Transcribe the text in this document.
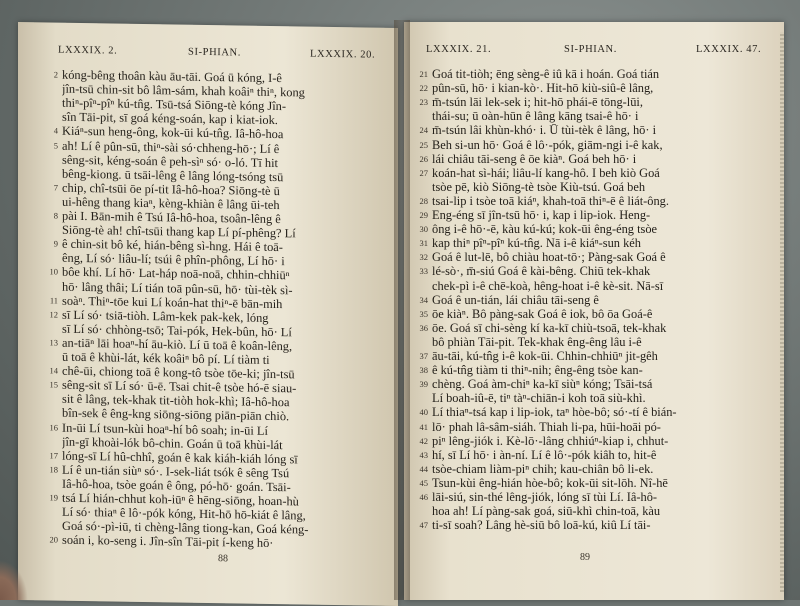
LXXXIX. 2.	SI-PHIAN.	LXXXIX. 20.
2 kóng-bêng thoân kàu āu-tāi. Goá ū kóng, I-ê
jîn-tsū chin-sit bô lâm-sám, khah koâiⁿ thiⁿ, kong
thiⁿ-pîⁿ-pîⁿ kú-tn̂g. Tsū-tsá Siōng-tè kóng Jîn-
sîn Tāi-pit, sī goá kéng-soán, kap i kiat-iok.
4 Kiáⁿ-sun heng-ông, kok-ūi kú-tn̂g. Iâ-hô-hoa
5 ah! Lí ê pûn-sū, thiⁿ-sài só·chheng-hō·; Lí ê
sêng-sit, kéng-soán ê peh-sìⁿ só· o-ló. Tī hit
bêng-kiong. ū tsāi-lêng ê lâng lóng-tsóng tsū
7 chip, chî-tsūi ōe pí-tit Iâ-hô-hoa? Siōng-tè ū
ui-hêng thang kiaⁿ, kèng-khiàn ê lâng ūi-teh
8 pài I. Bān-mih ê Tsú Iâ-hô-hoa, tsoân-lêng ê
Siōng-tè ah! chî-tsūi thang kap Lí pí-phêng? Lí
9 ê chin-sit bô ké, hián-bêng sì-hng. Hái ê toā-
êng, Lí só· liâu-lí; tsúi ê phîn-phông, Lí hō· i
10 bôe khí. Lí hō· Lat-háp noā-noā, chhin-chhiūⁿ
hō· lâng thâi; Lí tián toā pûn-sū, hō· tùi-tèk sì-
11 soàⁿ. Thiⁿ-tōe kui Lí koán-hat thiⁿ-ē bān-mih
12 sī Lí só· tsiā-tiòh. Lâm-kek pak-kek, lóng
sī Lí só· chhòng-tsō; Tai-pók, Hek-bûn, hō· Lí
13 an-tiāⁿ lāi hoaⁿ-hí āu-kiò. Lí ū toā ê koân-lêng,
ū toā ê khùi-lát, kék koâiⁿ bô pí. Lí tiàm ti
14 chê-ūi, chiong toā ê kong-tô tsòe tōe-ki; jîn-tsū
15 sêng-sit sī Lí só· ū-ē. Tsai chit-ê tsòe hó-ē siau-
sit ê lâng, tek-khak tit-tiòh hok-khì; Iâ-hô-hoa
bîn-sek ê êng-kng siōng-siōng piān-piān chiò.
16 In-ūi Lí tsun-kùi hoaⁿ-hí bô soah; in-ūi Lí
jîn-gī khoài-lók bô-chin. Goán ū toā khùi-lát
17 lóng-sī Lí hû-chhî, goán ê kak kiáh-kiáh lóng sī
18 Lí ê un-tián siùⁿ só·. I-sek-liát tsók ê sêng Tsú
Iâ-hô-hoa, tsòe goán ê ông, pó-hō· goán. Tsāi-
19 tsá Lí hián-chhut koh-iūⁿ ê hēng-siōng, hoan-hù
Lí só· thiaⁿ ê lô·-pók kóng, Hit-hō hō-kiát ê lâng,
Goá só·-pì-iū, ti chèng-lâng tiong-kan, Goá kéng-
20 soán i, ko-seng i. Jîn-sîn Tāi-pit í-keng hō·
88
LXXXIX. 21.	SI-PHIAN.	LXXXIX. 47.
21 Goá tit-tiòh; ēng sèng-ê iû kā i hoán. Goá tián
22 pûn-sū, hō· i kian-kò·. Hit-hō kiù-siû-ê lâng,
23 m̄-tsún lāi lek-sek i; hit-hō phái-ē tōng-lūi,
thái-su; ū oàn-hūn ê lâng kāng tsai-ê hō· i
24 m̄-tsún lâi khùn-khó· i. Ū tùi-tèk ê lâng, hō· i
25 Beh si-un hō· Goá ê lô·-pók, giām-ngi i-ê kak,
26 lái chiâu tāi-seng ê ōe kiàⁿ. Goá beh hō· i
27 koán-hat sì-hái; liâu-lí kang-hô. I beh kiò Goá
tsòe pē, kiò Siōng-tè tsòe Kiù-tsú. Goá beh
28 tsai-lip i tsòe toā kiáⁿ, khah-toā thiⁿ-ē ê liát-ông.
29 Eng-éng sī jîn-tsū hō· i, kap i lip-iok. Heng-
30 ông i-ê hō·-ē, kàu kú-kú; kok-ūi êng-éng tsòe
31 kap thiⁿ pîⁿ-pîⁿ kú-tn̂g. Nā i-ê kiáⁿ-sun kéh
32 Goá ê lut-lē, bô chiàu hoat-tō·; Pàng-sak Goá ê
33 lé-sò·, m̄-siú Goá ê kài-bêng. Chiū tek-khak
chek-pì i-ê chē-koà, hêng-hoat i-ê kè-sit. Nā-sī
34 Goá ê un-tián, lái chiâu tāi-seng ê
35 ōe kiàⁿ. Bô pàng-sak Goá ê iok, bô ōa Goá-ê
36 ōe. Goá sī chi-sèng kí ka-kī chiù-tsoā, tek-khak
bô phiàn Tāi-pit. Tek-khak êng-êng lâu i-ê
37 āu-tāi, kú-tn̂g i-ê kok-ūi. Chhin-chhiūⁿ jit-gêh
38 ê kú-tn̂g tiàm ti thiⁿ-nih; êng-êng tsòe kan-
39 chèng. Goá àm-chiⁿ ka-kī siùⁿ kóng; Tsāi-tsá
Lí boah-iû-ē, tiⁿ tàⁿ-chiān-i koh toā siù-khì.
40 Lí thiaⁿ-tsá kap i lip-iok, taⁿ hòe-bô; só·-tí ê bián-
41 lō· phah lâ-sâm-siáh. Thiah li-pa, hūi-hoāi pó-
42 piⁿ lêng-jiók i. Kè-lō·-lâng chhiúⁿ-kiap i, chhut-
43 hí, sī Lí hō· i àn-ní. Lí ê lô·-pók kiâh to, hit-ê
44 tsòe-chiam liàm-piⁿ chih; kau-chiân bô li-ek.
45 Tsun-kùi êng-hián hòe-bô; kok-ūi sit-lōh. Nî-hē
46 lāi-siú, sin-thé lêng-jiók, lóng sī tùi Lí. Iâ-hô-
hoa ah! Lí pàng-sak goá, siū-khì chin-toā, kàu
47 ti-sī soah? Lâng hè-siū bô loā-kú, kiû Lí tāi-
89
